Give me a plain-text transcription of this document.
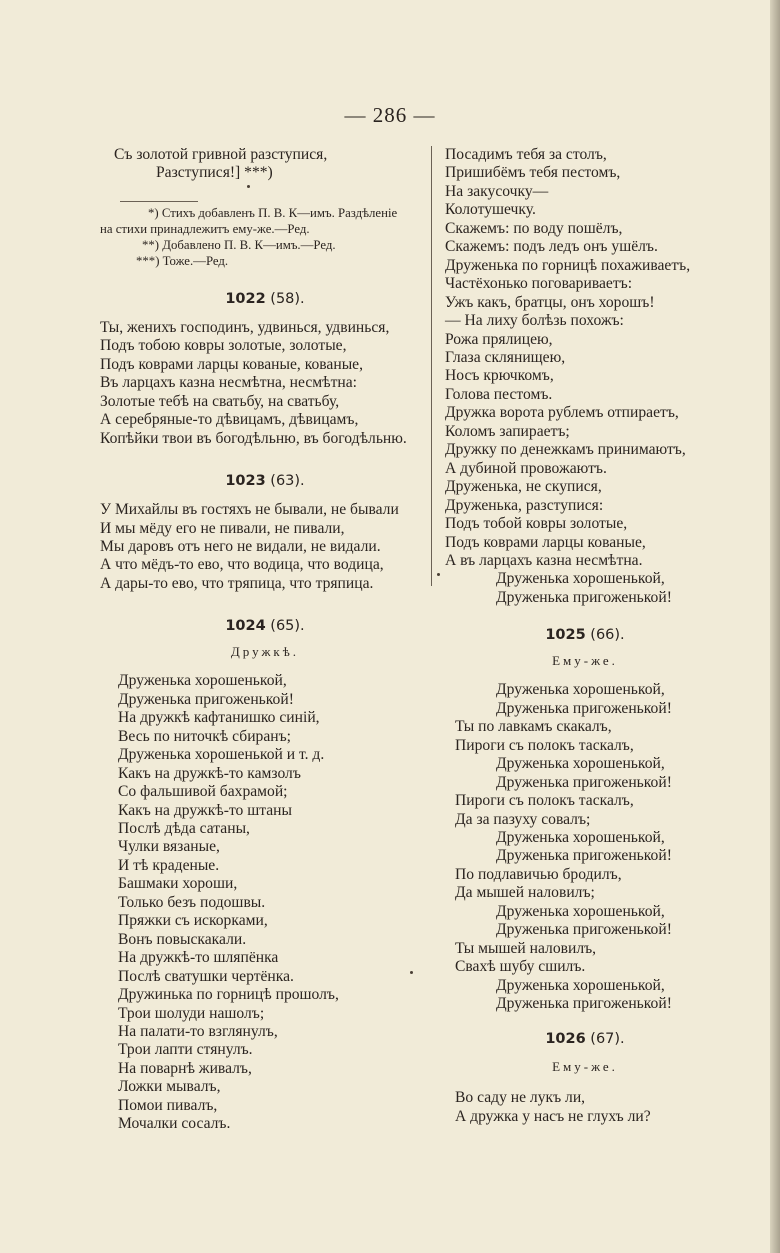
— 286 —
Съ золотой гривной разступися,
Разступися!] ***)
*) Стихъ добавленъ П. В. К—имъ. Раздѣленіе
на стихи принадлежитъ ему-же.—Ред.
**) Добавлено П. В. К—имъ.—Ред.
***) Тоже.—Ред.
1022 (58).
Ты, женихъ господинъ, удвинься, удвинься,
Подъ тобою ковры золотые, золотые,
Подъ коврами ларцы кованые, кованые,
Въ ларцахъ казна несмѣтна, несмѣтна:
Золотые тебѣ на сватьбу, на сватьбу,
А серебряные-то дѣвицамъ, дѣвицамъ,
Копѣйки твои въ богодѣльню, въ богодѣльню.
1023 (63).
У Михайлы въ гостяхъ не бывали, не бывали
И мы мёду его не пивали, не пивали,
Мы даровъ отъ него не видали, не видали.
А что мёдъ-то ево, что водица, что водица,
А дары-то ево, что тряпица, что тряпица.
1024 (65).
Дружкѣ.
Друженька хорошенькой,
Друженька пригоженькой!
На дружкѣ кафтанишко синій,
Весь по ниточкѣ сбиранъ;
Друженька хорошенькой и т. д.
Какъ на дружкѣ-то камзолъ
Со фальшивой бахрамой;
Какъ на дружкѣ-то штаны
Послѣ дѣда сатаны,
Чулки вязаные,
И тѣ краденые.
Башмаки хороши,
Только безъ подошвы.
Пряжки съ искорками,
Вонъ повыскакали.
На дружкѣ-то шляпёнка
Послѣ сватушки чертёнка.
Дружинька по горницѣ прошолъ,
Трои шолуди нашолъ;
На палати-то взглянулъ,
Трои лапти стянулъ.
На поварнѣ живалъ,
Ложки мывалъ,
Помои пивалъ,
Мочалки сосалъ.
Посадимъ тебя за столъ,
Пришибёмъ тебя пестомъ,
На закусочку—
Колотушечку.
Скажемъ: по воду пошёлъ,
Скажемъ: подъ ледъ онъ ушёлъ.
Друженька по горницѣ похаживаетъ,
Частёхонько поговариваетъ:
Ужъ какъ, братцы, онъ хорошъ!
— На лиху болѣзь похожъ:
Рожа прялицею,
Глаза склянищею,
Носъ крючкомъ,
Голова пестомъ.
Дружка ворота рублемъ отпираетъ,
Коломъ запираетъ;
Дружку по денежкамъ принимаютъ,
А дубиной провожаютъ.
Друженька, не скупися,
Друженька, разступися:
Подъ тобой ковры золотые,
Подъ коврами ларцы кованые,
А въ ларцахъ казна несмѣтна.
Друженька хорошенькой,
Друженька пригоженькой!
1025 (66).
Ему-же.
Друженька хорошенькой,
Друженька пригоженькой!
Ты по лавкамъ скакалъ,
Пироги съ полокъ таскалъ,
Друженька хорошенькой,
Друженька пригоженькой!
Пироги съ полокъ таскалъ,
Да за пазуху совалъ;
Друженька хорошенькой,
Друженька пригоженькой!
По подлавичью бродилъ,
Да мышей наловилъ;
Друженька хорошенькой,
Друженька пригоженькой!
Ты мышей наловилъ,
Свахѣ шубу сшилъ.
Друженька хорошенькой,
Друженька пригоженькой!
1026 (67).
Ему-же.
Во саду не лукъ ли,
А дружка у насъ не глухъ ли?
